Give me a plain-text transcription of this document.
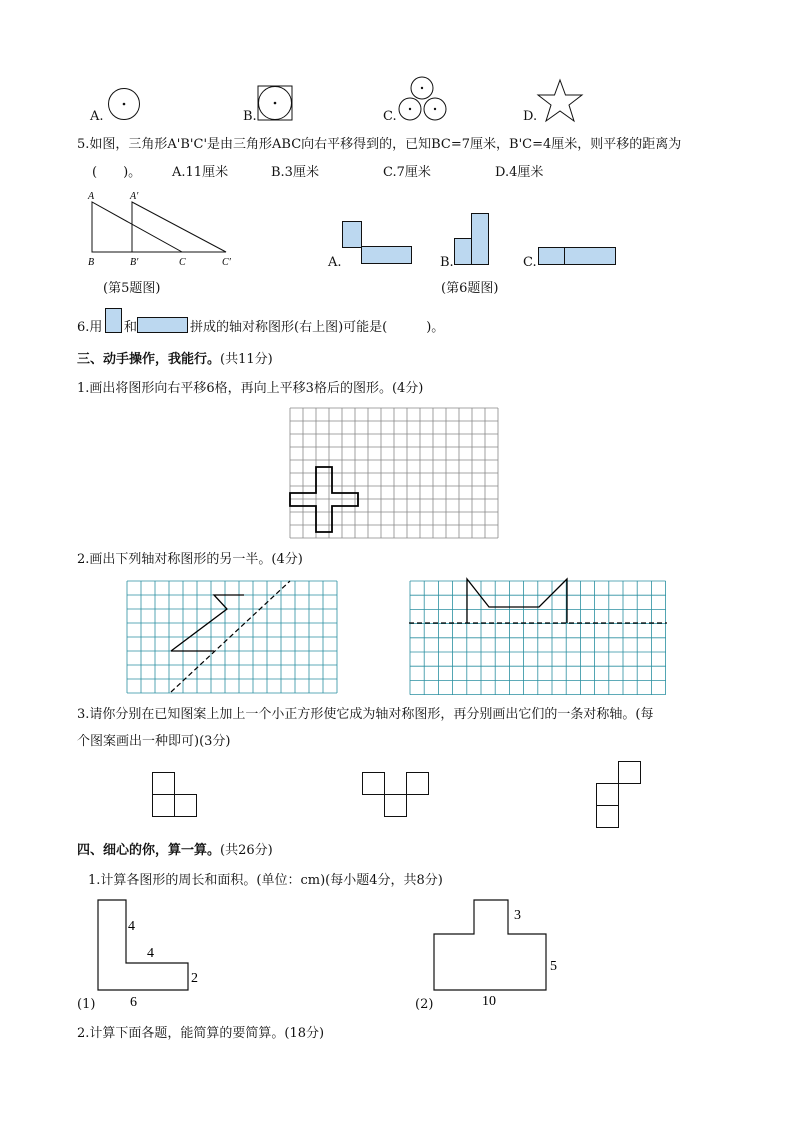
A.	B.	C.	D.
5.如图，三角形A'B'C'是由三角形ABC向右平移得到的，已知BC=7厘米，B'C=4厘米，则平移的距离为
(　　)。 A.11厘米	B.3厘米	C.7厘米	D.4厘米
A	A′
B	B′	C	C′
(第5题图)
A.	B.	C.
(第6题图)
6.用 和	拼成的轴对称图形(右上图)可能是(　　　)。
三、动手操作，我能行。(共11分)
1.画出将图形向右平移6格，再向上平移3格后的图形。(4分)
2.画出下列轴对称图形的另一半。(4分)
3.请你分别在已知图案上加上一个小正方形使它成为轴对称图形，再分别画出它们的一条对称轴。(每
个图案画出一种即可)(3分)
四、细心的你，算一算。(共26分)
1.计算各图形的周长和面积。(单位：cm)(每小题4分，共8分)
(1)
4
4
2
6	(2)
3
5
10
2.计算下面各题，能简算的要简算。(18分)
